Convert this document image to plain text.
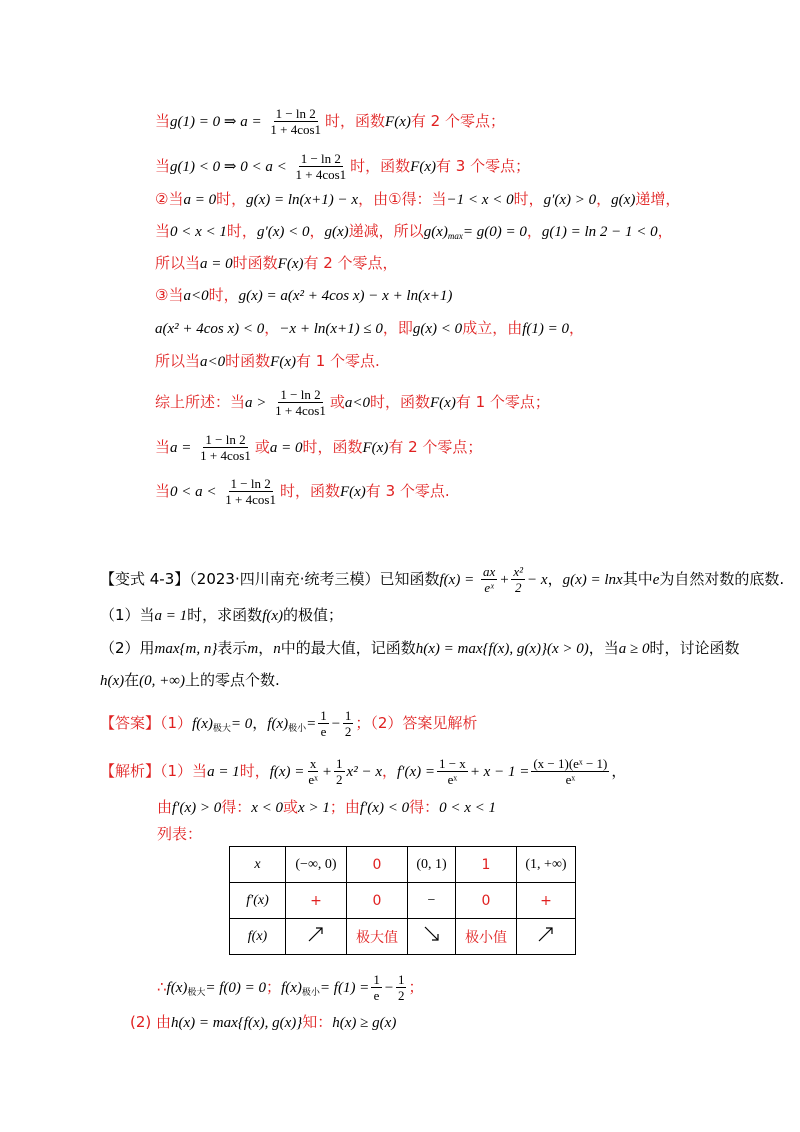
当g(1) = 0 ⇒ $a = \frac{1 - \ln 2}{1 + 4\cos 1}$ 时，函数F(x)有 2 个零点；
当g(1) < 0 ⇒ $0 < a < \frac{1 - \ln 2}{1 + 4\cos 1}$ 时，函数F(x)有 3 个零点；
②当a = 0时，g(x) = ln(x+1) − x，由①得：当−1 < x < 0时，g′(x) > 0，g(x)递增，
当0 < x < 1时，g′(x) < 0，g(x)递减，所以$g(x)_{max}= g(0) = 0$，g(1) = ln 2 − 1 < 0，
所以当a = 0时函数F(x)有 2 个零点，
③当a<0时，g(x) = a(x² + 4cos x) − x + ln(x+1)
a(x² + 4cos x) < 0，−x + ln(x+1) ≤ 0，即g(x) < 0成立，由f(1) = 0，
所以当a<0时函数F(x)有 1 个零点.
综上所述：当$a > \frac{1 - \ln 2}{1 + 4\cos 1}$ 或a<0时，函数F(x)有 1 个零点；
当$a = \frac{1 - \ln 2}{1 + 4\cos 1}$ 或a = 0时，函数F(x)有 2 个零点；
当$0 < a < \frac{1 - \ln 2}{1 + 4\cos 1}$ 时，函数F(x)有 3 个零点.
【变式 4-3】（2023·四川南充·统考三模）已知函数$f(x) = \frac{ax}{\text{eˣ}} + \frac{\text{x²}}{2} - x$，g(x) = lnx其中e为自然对数的底数.
（1）当a = 1时，求函数f(x)的极值；
（2）用max{m, n}表示m，n中的最大值，记函数h(x) = max{f(x), g(x)}(x > 0)，当a ≥ 0时，讨论函数
h(x)在(0, +∞)上的零点个数.
【答案】$(1)f(x)_{极大}= 0$，$f(x)_{极小}= \frac{1}{e} - \frac{1}{2}$ ；（2）答案见解析
【解析】（1）当a = 1时，$f(x) = \frac{x}{\text{eˣ}} + \frac{1}{2} x^2 - x$，$f'(x) = \frac{1 - x}{\text{eˣ}} + x - 1 = \frac{\text{(x − 1)(eˣ − 1)}}{\text{eˣ}}$ ，
由f′(x) > 0得：x < 0或x > 1；由f′(x) < 0得：0 < x < 1
列表：
x	(−∞, 0)	0	(0, 1)	1	(1, +∞)
f′(x)	+	0	−	0	+
f(x)		极大值		极小值	
$\therefore f(x)_{极大}= f(0) = 0$；$f(x)_{极小}= f(1) = \frac{1}{e} - \frac{1}{2}$ ；
(2) 由h(x) = max{f(x), g(x)}知：h(x) ≥ g(x)
